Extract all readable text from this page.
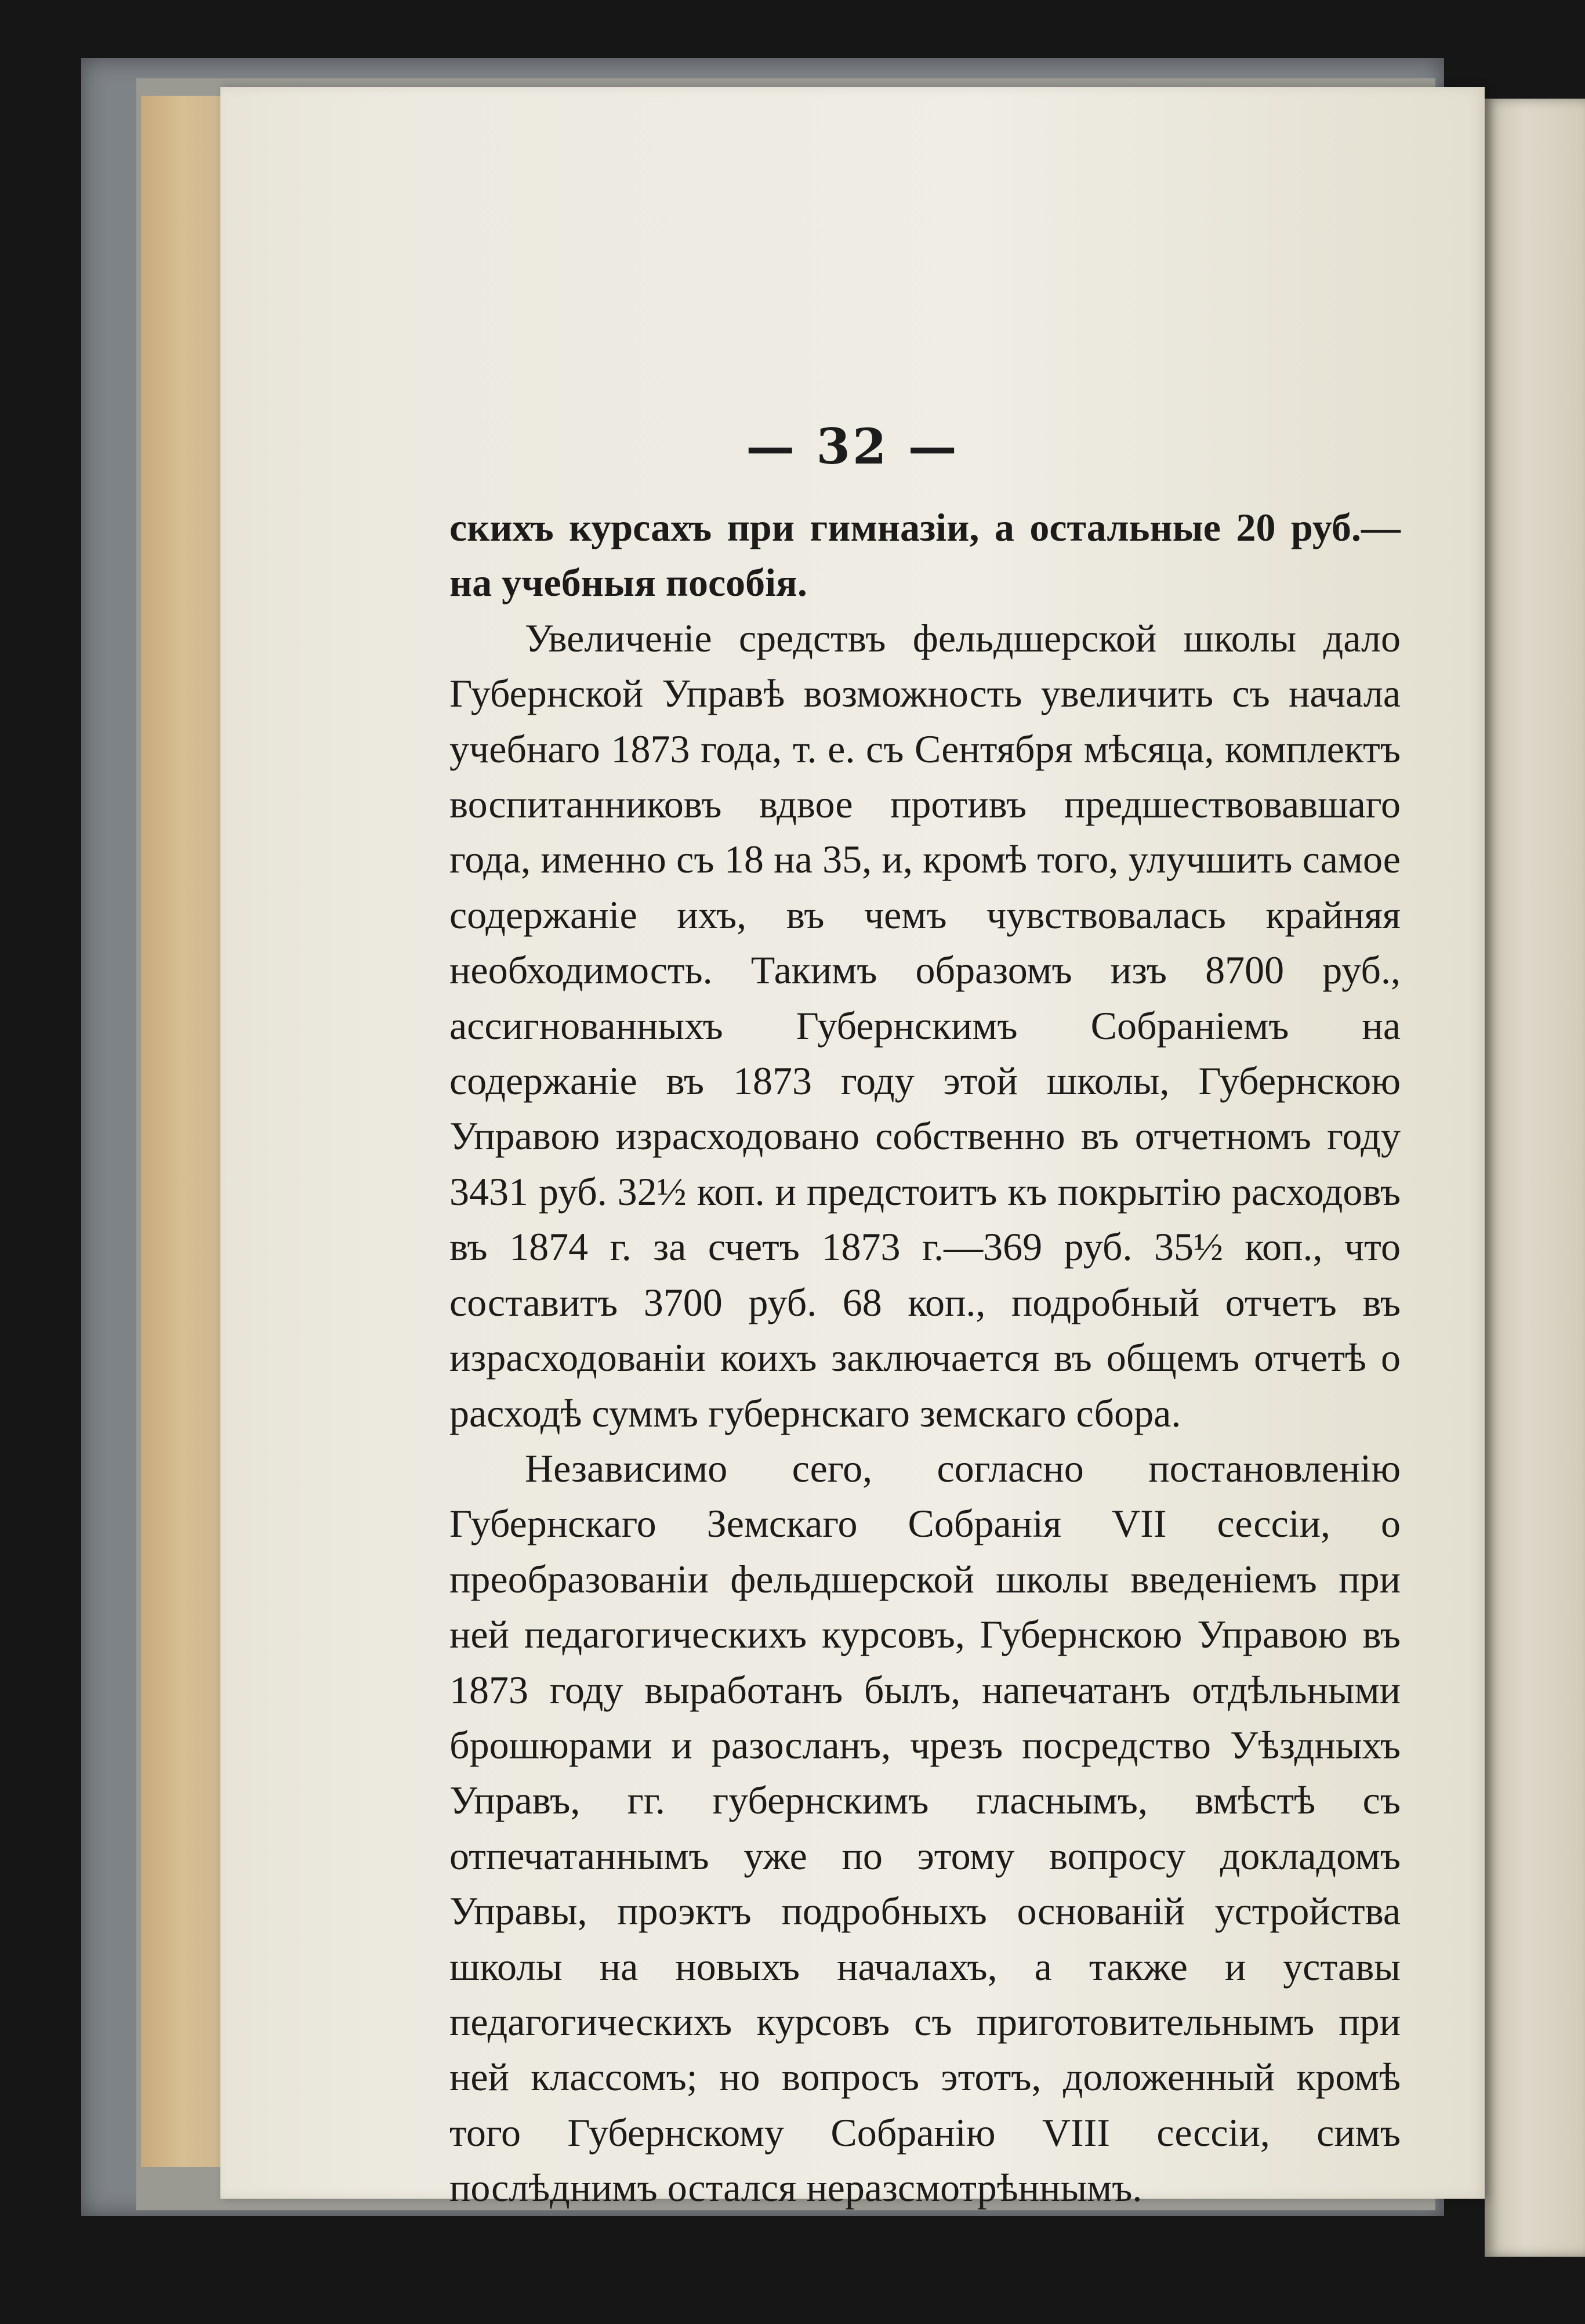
— 32 —

скихъ курсахъ при гимназіи, а остальные 20 руб.—на учебныя пособія.

Увеличеніе средствъ фельдшерской школы дало Губернской Управѣ возможность увеличить съ начала учебнаго 1873 года, т. е. съ Сентября мѣсяца, комплектъ воспитанниковъ вдвое противъ предшествовавшаго года, именно съ 18 на 35, и, кромѣ того, улучшить самое содержаніе ихъ, въ чемъ чувствовалась крайняя необходимость. Такимъ образомъ изъ 8700 руб., ассигнованныхъ Губернскимъ Собраніемъ на содержаніе въ 1873 году этой школы, Губернскою Управою израсходовано собственно въ отчетномъ году 3431 руб. 32½ коп. и предстоитъ къ покрытію расходовъ въ 1874 г. за счетъ 1873 г.—369 руб. 35½ коп., что составитъ 3700 руб. 68 коп., подробный отчетъ въ израсходованіи коихъ заключается въ общемъ отчетѣ о расходѣ суммъ губернскаго земскаго сбора.

Независимо сего, согласно постановленію Губернскаго Земскаго Собранія VII сессіи, о преобразованіи фельдшерской школы введеніемъ при ней педагогическихъ курсовъ, Губернскою Управою въ 1873 году выработанъ былъ, напечатанъ отдѣльными брошюрами и разосланъ, чрезъ посредство Уѣздныхъ Управъ, гг. губернскимъ гласнымъ, вмѣстѣ съ отпечатаннымъ уже по этому вопросу докладомъ Управы, проэктъ подробныхъ основаній устройства школы на новыхъ началахъ, а также и уставы педагогическихъ курсовъ съ приготовительнымъ при ней классомъ; но вопросъ этотъ, доложенный кромѣ того Губернскому Собранію VIII сессіи, симъ послѣднимъ остался неразсмотрѣннымъ.
